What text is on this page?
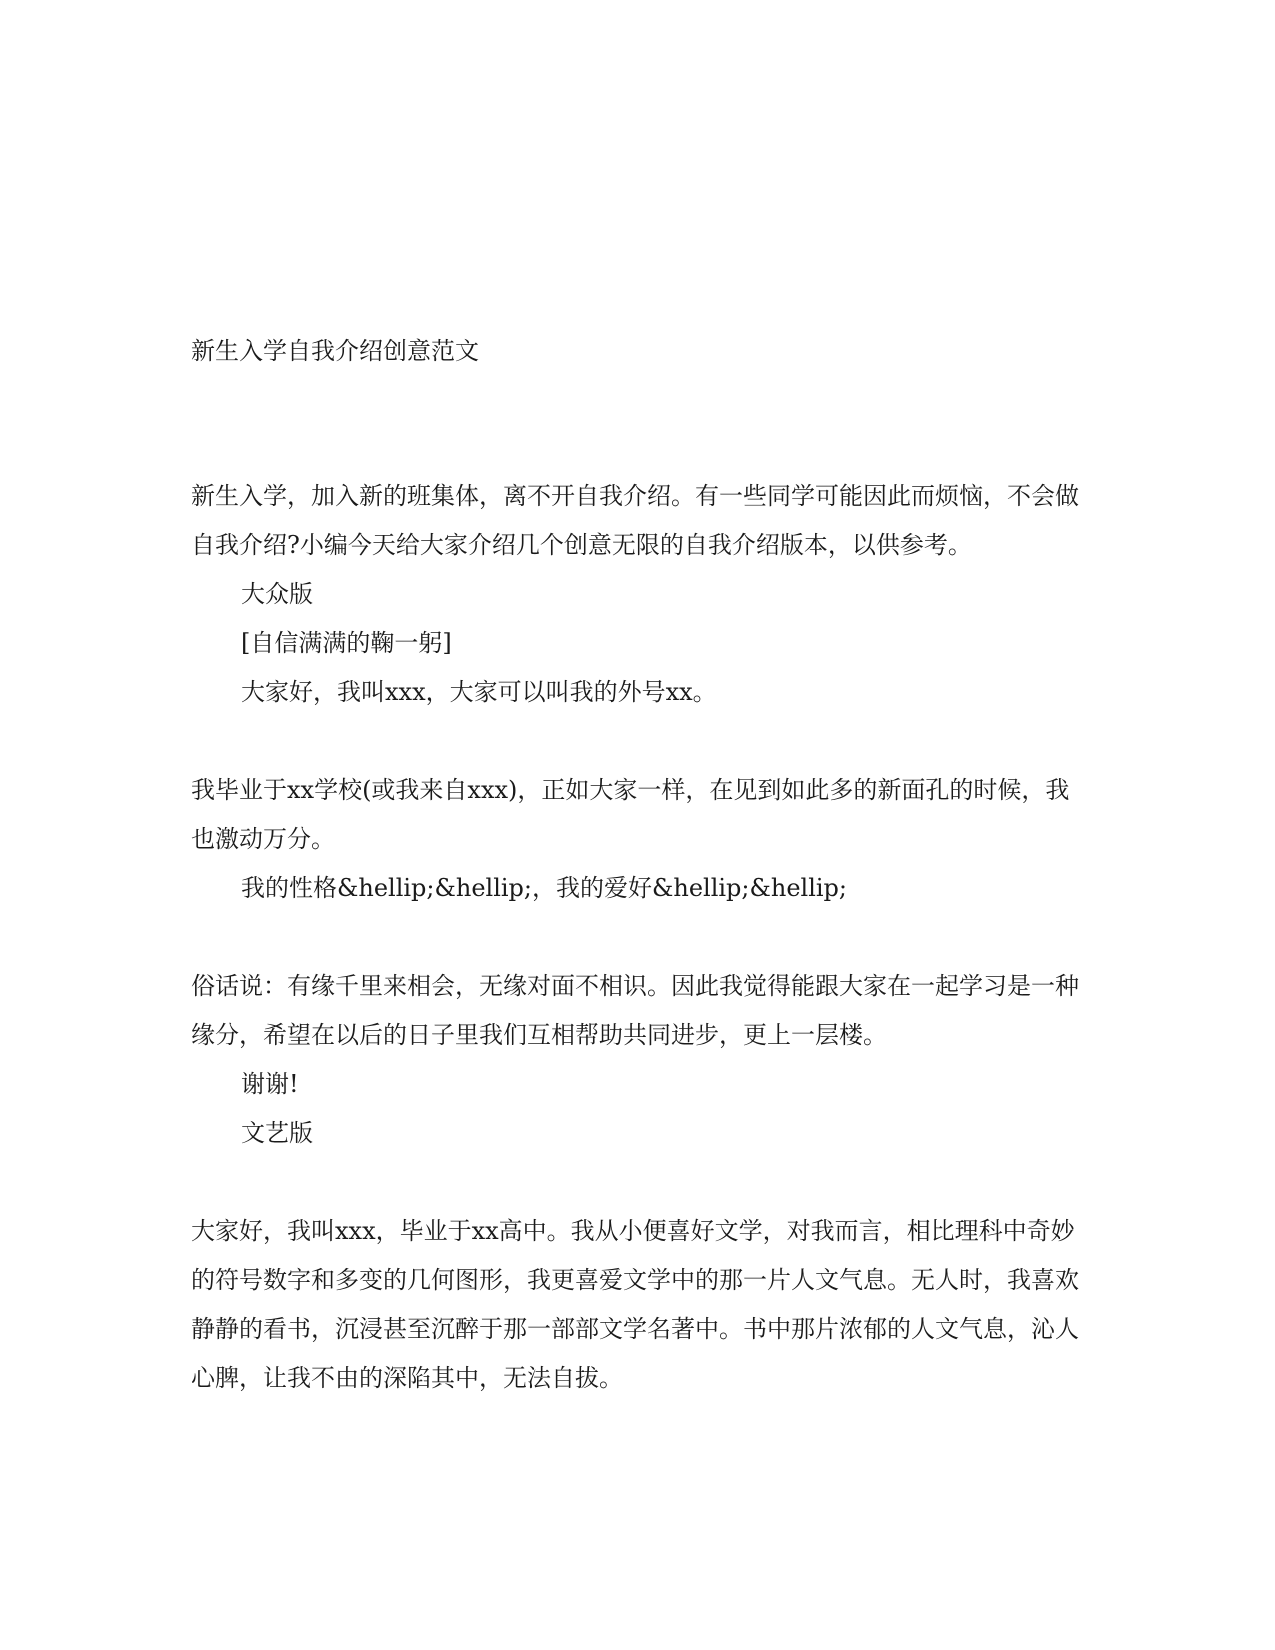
新生入学自我介绍创意范文

新生入学，加入新的班集体，离不开自我介绍。有一些同学可能因此而烦恼，不会做自我介绍?小编今天给大家介绍几个创意无限的自我介绍版本，以供参考。

大众版

[自信满满的鞠一躬]

大家好，我叫xxx，大家可以叫我的外号xx。

我毕业于xx学校(或我来自xxx)，正如大家一样，在见到如此多的新面孔的时候，我也激动万分。

我的性格&hellip;&hellip;，我的爱好&hellip;&hellip;

俗话说：有缘千里来相会，无缘对面不相识。因此我觉得能跟大家在一起学习是一种缘分，希望在以后的日子里我们互相帮助共同进步，更上一层楼。

谢谢!

文艺版

大家好，我叫xxx，毕业于xx高中。我从小便喜好文学，对我而言，相比理科中奇妙的符号数字和多变的几何图形，我更喜爱文学中的那一片人文气息。无人时，我喜欢静静的看书，沉浸甚至沉醉于那一部部文学名著中。书中那片浓郁的人文气息，沁人心脾，让我不由的深陷其中，无法自拔。
